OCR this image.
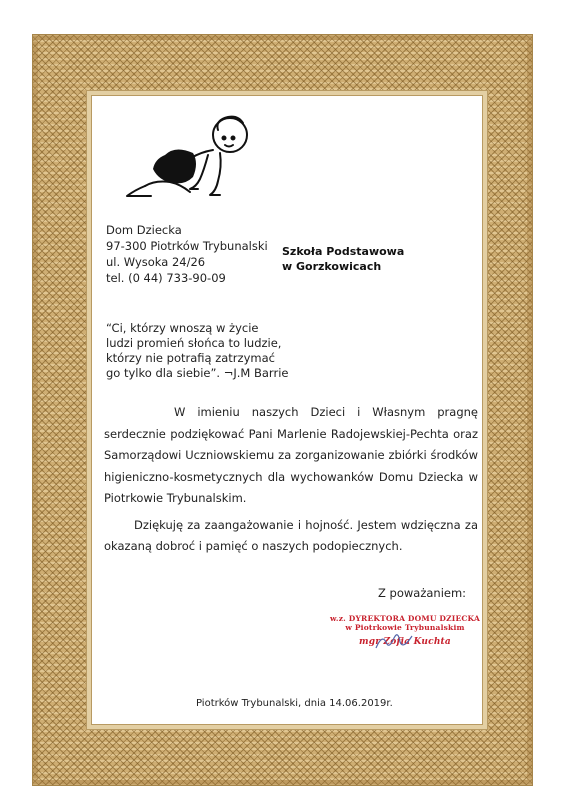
Dom Dziecka
97-300 Piotrków Trybunalski
ul. Wysoka 24/26
tel. (0 44) 733-90-09
Szkoła Podstawowa
w Gorzkowicach
“Ci, którzy wnoszą w życie
ludzi promień słońca to ludzie,
którzy nie potrafią zatrzymać
go tylko dla siebie”. ¬J.M Barrie

W imieniu naszych Dzieci i Własnym pragnę serdecznie podziękować Pani Marlenie Radojewskiej-Pechta oraz Samorządowi Uczniowskiemu za zorganizowanie zbiórki środków higieniczno-kosmetycznych dla wychowanków Domu Dziecka w Piotrkowie Trybunalskim.

Dziękuję za zaangażowanie i hojność. Jestem wdzięczna za okazaną dobroć i pamięć o naszych podopiecznych.

Z poważaniem:
w.z. DYREKTORA DOMU DZIECKA
w Piotrkowie Trybunalskim
mgr Zofia Kuchta
Piotrków Trybunalski, dnia 14.06.2019r.
